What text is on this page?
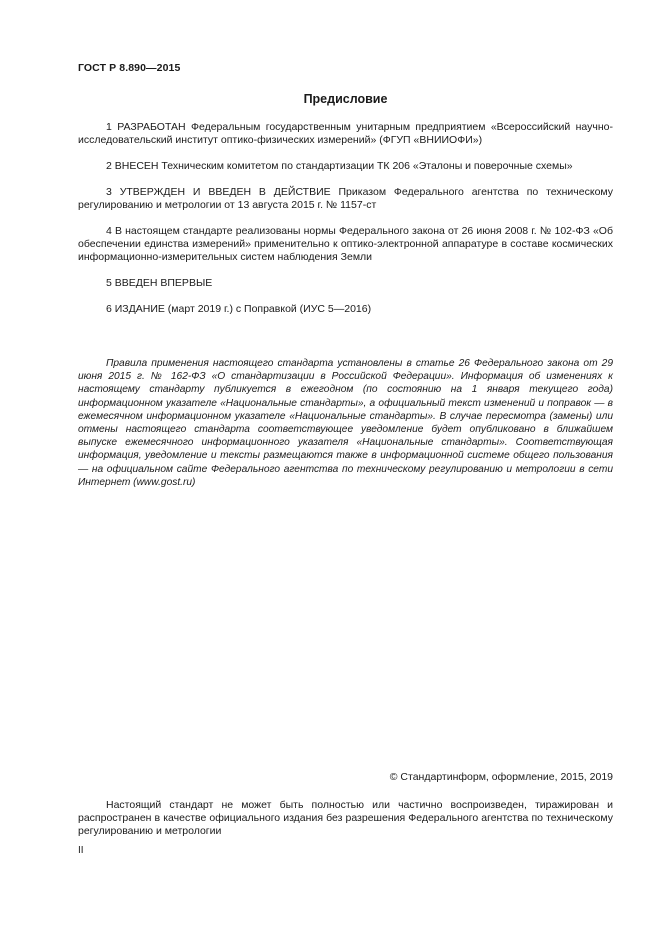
ГОСТ Р 8.890—2015
Предисловие

1 РАЗРАБОТАН Федеральным государственным унитарным предприятием «Всероссийский научно-исследовательский институт оптико-физических измерений» (ФГУП «ВНИИОФИ»)

2 ВНЕСЕН Техническим комитетом по стандартизации ТК 206 «Эталоны и поверочные схемы»

3 УТВЕРЖДЕН И ВВЕДЕН В ДЕЙСТВИЕ Приказом Федерального агентства по техническому регулированию и метрологии от 13 августа 2015 г. № 1157-ст

4 В настоящем стандарте реализованы нормы Федерального закона от 26 июня 2008 г. № 102-ФЗ «Об обеспечении единства измерений» применительно к оптико-электронной аппаратуре в составе космических информационно-измерительных систем наблюдения Земли

5 ВВЕДЕН ВПЕРВЫЕ

6 ИЗДАНИЕ (март 2019 г.) с Поправкой (ИУС 5—2016)

Правила применения настоящего стандарта установлены в статье 26 Федерального закона от 29 июня 2015 г. № 162-ФЗ «О стандартизации в Российской Федерации». Информация об изменениях к настоящему стандарту публикуется в ежегодном (по состоянию на 1 января текущего года) информационном указателе «Национальные стандарты», а официальный текст изменений и поправок — в ежемесячном информационном указателе «Национальные стандарты». В случае пересмотра (замены) или отмены настоящего стандарта соответствующее уведомление будет опубликовано в ближайшем выпуске ежемесячного информационного указателя «Национальные стандарты». Соответствующая информация, уведомление и тексты размещаются также в информационной системе общего пользования — на официальном сайте Федерального агентства по техническому регулированию и метрологии в сети Интернет (www.gost.ru)
© Стандартинформ, оформление, 2015, 2019
Настоящий стандарт не может быть полностью или частично воспроизведен, тиражирован и распространен в качестве официального издания без разрешения Федерального агентства по техническому регулированию и метрологии
II
